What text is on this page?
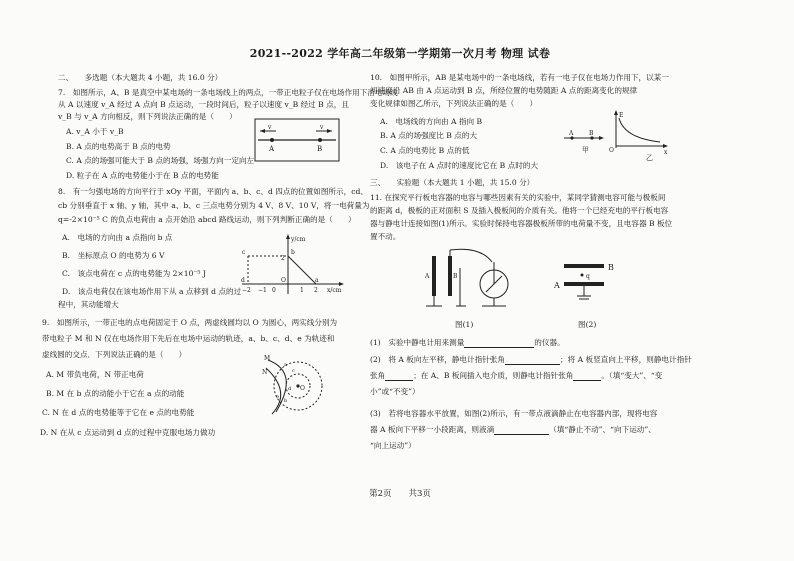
2021--2022 学年高二年级第一学期第一次月考 物理 试卷
二、　　多选题（本大题共 4 小题，共 16.0 分）
7.　如图所示，A、B 是真空中某电场的一条电场线上的两点，一带正电粒子仅在电场作用下沿电场线
从 A 以速度 v_A 经过 A 点向 B 点运动，一段时间后，粒子以速度 v_B 经过 B 点，且
v_B 与 v_A 方向相反，则下列说法正确的是（　　）
A. v_A 小于 v_B
B. A 点的电势高于 B 点的电势
C. A 点的场强可能大于 B 点的场强，场强方向一定向左
D. 粒子在 A 点的电势能小于在 B 点的电势能
v	v
A	B
8.　有一匀强电场的方向平行于 xOy 平面，平面内 a、b、c、d 四点的位置如图所示，cd、
cb 分别垂直于 x 轴、y 轴，其中 a、b、c 三点电势分别为 4 V、8 V、10 V，将一电荷量为
q=-2×10⁻⁵ C 的负点电荷由 a 点开始沿 abcd 路线运动，则下列判断正确的是（　　）
A.　电场的方向由 a 点指向 b 点
B.　坐标原点 O 的电势为 6 V
C.　该点电荷在 c 点的电势能为 2×10⁻⁵ J
D.　该点电荷仅在该电场作用下从 a 点移到 d 点的过
程中，其动能增大
y/cm
x/cm
c	b
2
d	O	a
−2 −1 0	1 2
9.　如图所示，一带正电的点电荷固定于 O 点，两虚线圆均以 O 为圆心，两实线分别为
带电粒子 M 和 N 仅在电场作用下先后在电场中运动的轨迹，a、b、c、d、e 为轨迹和
虚线圆的交点．下列说法正确的是（　　）
A. M 带负电荷，N 带正电荷
B. M 在 b 点的动能小于它在 a 点的动能
C. N 在 d 点的电势能等于它在 e 点的电势能
D. N 在从 c 点运动到 d 点的过程中克服电场力做功
O
M
N
a
b
c
d
e
10.　如图甲所示，AB 是某电场中的一条电场线，若有一电子仅在电场力作用下，以某一
初速度沿 AB 由 A 点运动到 B 点，所经位置的电势随距 A 点的距离变化的规律
变化规律如图乙所示，下列说法正确的是（　　）
A.　电场线的方向由 A 指向 B
B. A 点的场强度比 B 点的大
C. A 点的电势比 B 点的低
D.　该电子在 A 点时的速度比它在 B 点时的大
A	B
甲
E
O	x
乙
三、　　实验题（本大题共 1 小题，共 15.0 分）
11. 在探究平行板电容器的电容与哪些因素有关的实验中，某同学猜测电容可能与极板间
的距离 d，极板的正对面积 S 及插入极板间的介质有关。他将一个已经充电的平行板电容
器与静电计连接如图(1)所示。实验时保持电容器极板所带的电荷量不变，且电容器 B 板位
置不动。
A	B
B
A
q
图(1)	图(2)
(1)　实验中静电计用来测量	的仪器。
(2)　将 A 板向左平移，静电计指针张角	；将 A 板竖直向上平移，则静电计指针
张角	；在 A、B 板间插入电介质，则静电计指针张角	。（填“变大”、“变
小”或“不变”）
(3)　若将电容器水平放置，如图(2)所示，有一带点液滴静止在电容器内部，现将电容
器 A 板向下平移一小段距离，则液滴	（填“静止不动”、“向下运动”、
“向上运动”）
第2页　　共3页
